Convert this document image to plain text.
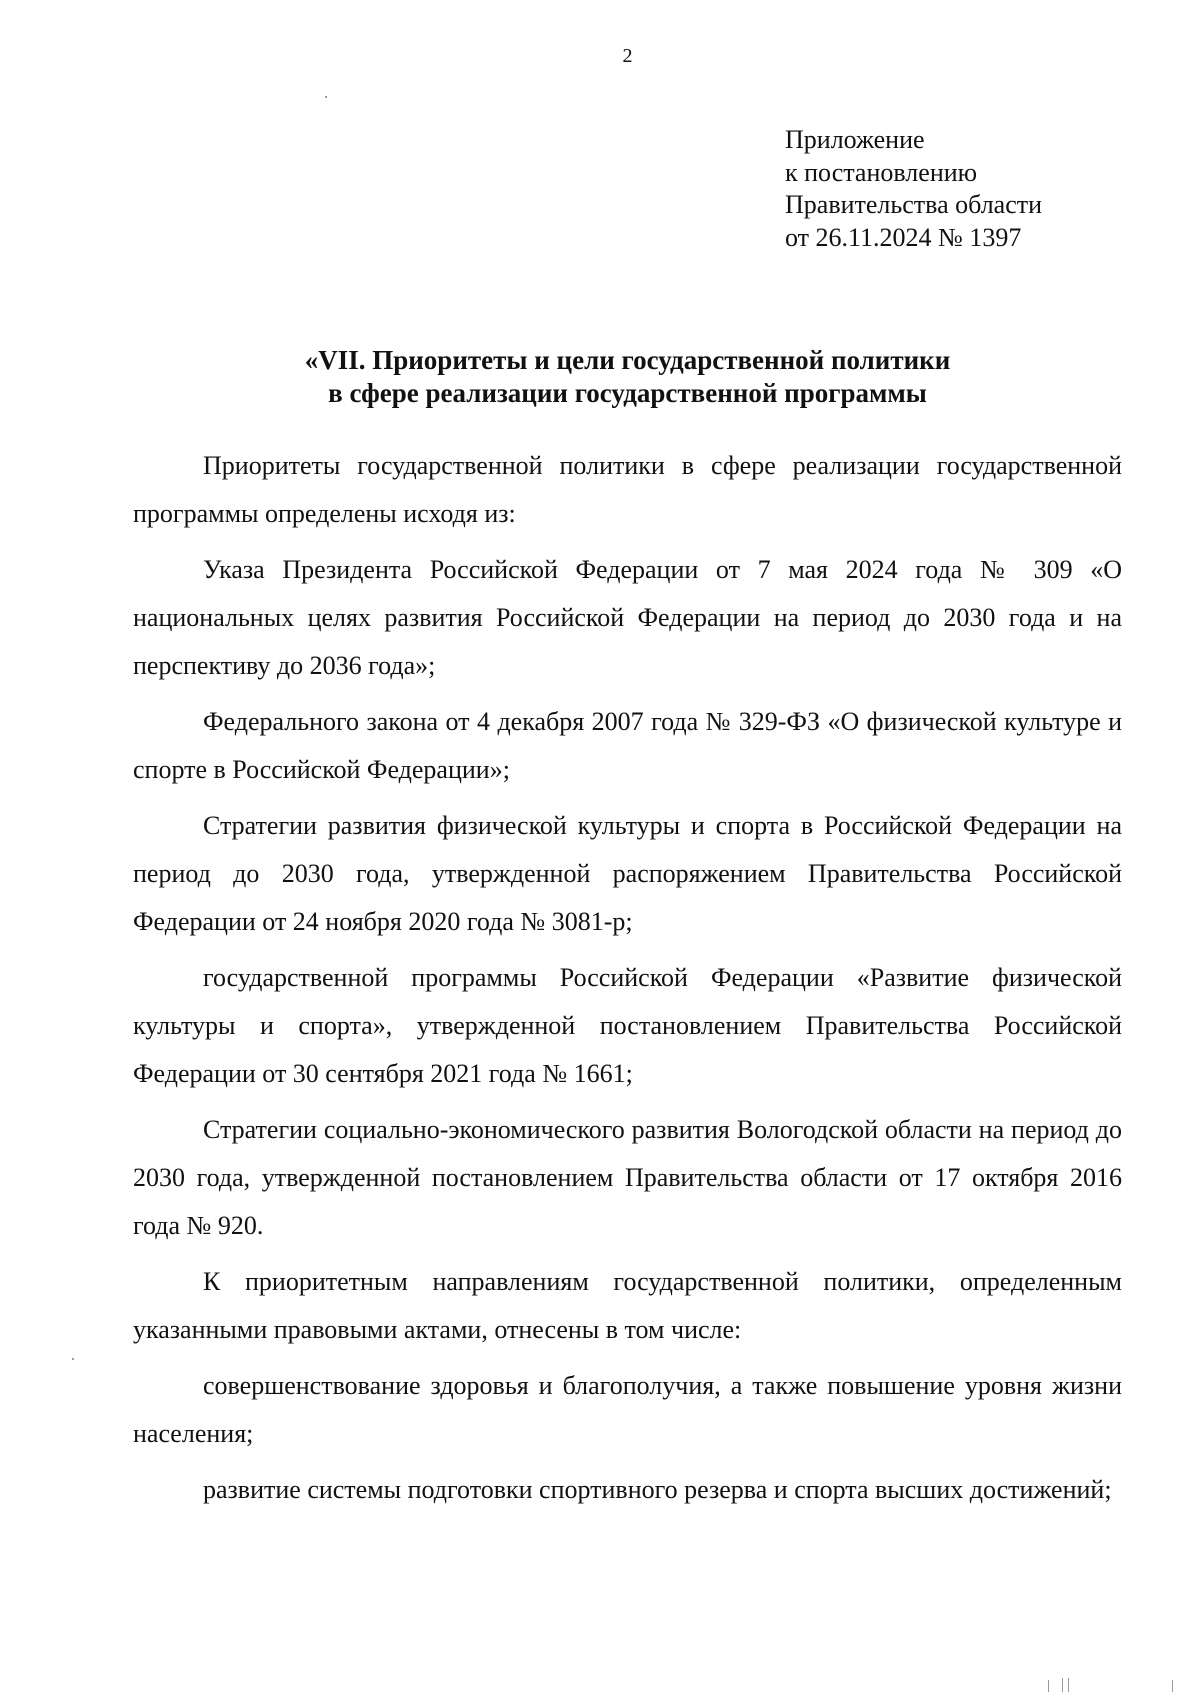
2
Приложение
к постановлению
Правительства области
от 26.11.2024 № 1397
«VII. Приоритеты и цели государственной политики
в сфере реализации государственной программы

Приоритеты государственной политики в сфере реализации государственной программы определены исходя из:

Указа Президента Российской Федерации от 7 мая 2024 года № 309 «О национальных целях развития Российской Федерации на период до 2030 года и на перспективу до 2036 года»;

Федерального закона от 4 декабря 2007 года № 329-ФЗ «О физической культуре и спорте в Российской Федерации»;

Стратегии развития физической культуры и спорта в Российской Федерации на период до 2030 года, утвержденной распоряжением Правительства Российской Федерации от 24 ноября 2020 года № 3081-р;

государственной программы Российской Федерации «Развитие физической культуры и спорта», утвержденной постановлением Правительства Российской Федерации от 30 сентября 2021 года № 1661;

Стратегии социально-экономического развития Вологодской области на период до 2030 года, утвержденной постановлением Правительства области от 17 октября 2016 года № 920.

К приоритетным направлениям государственной политики, определенным указанными правовыми актами, отнесены в том числе:

совершенствование здоровья и благополучия, а также повышение уровня жизни населения;

развитие системы подготовки спортивного резерва и спорта высших достижений;
